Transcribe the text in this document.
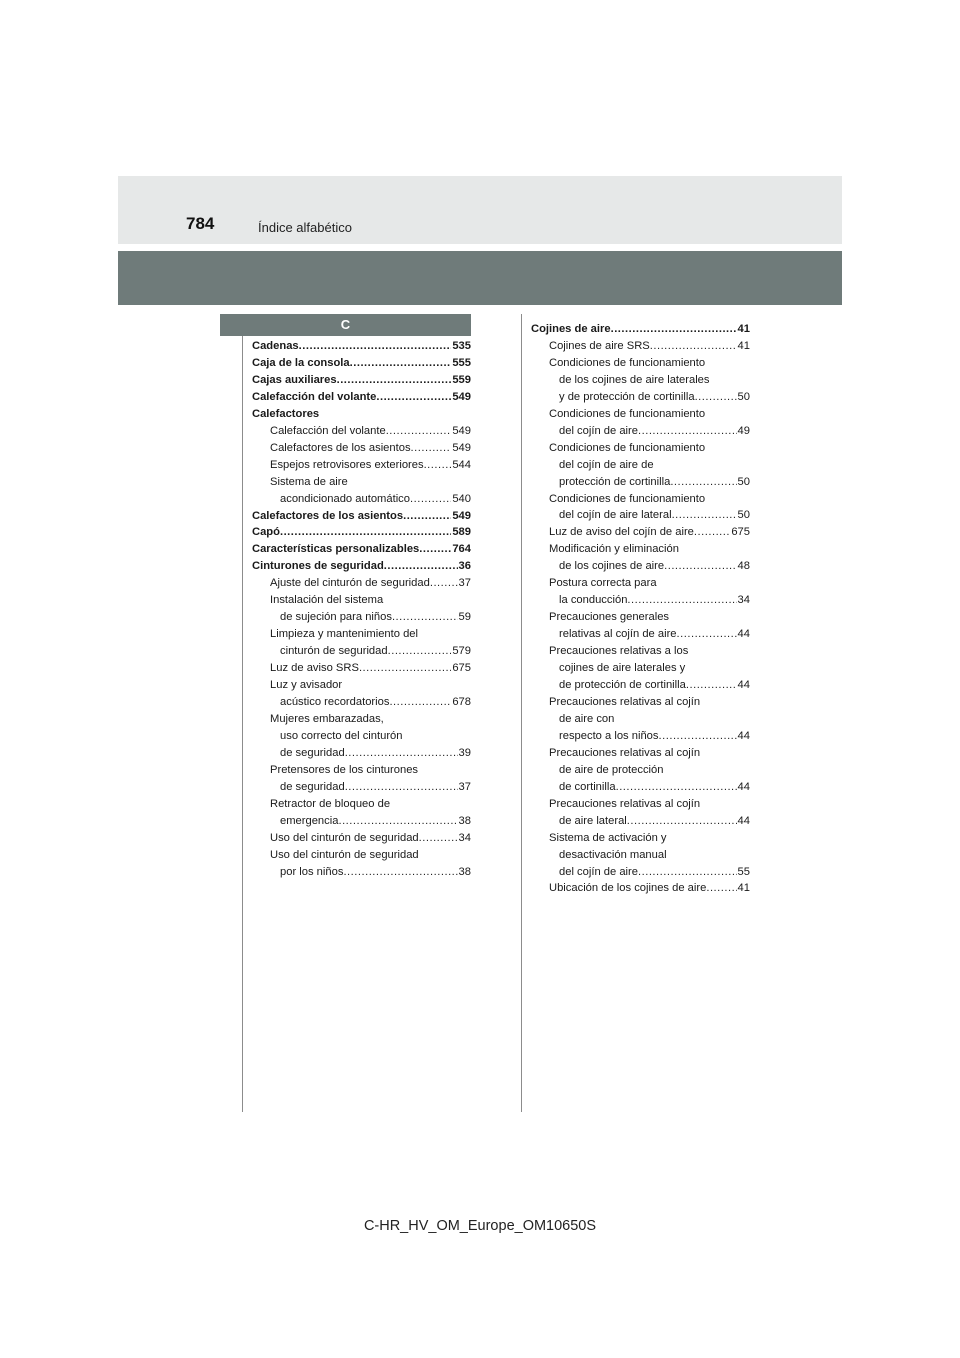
784	Índice alfabético
C
Cadenas .....	535
Caja de la consola .....	555
Cajas auxiliares .....	559
Calefacción del volante .....	549
Calefactores
Calefacción del volante .....	549
Calefactores de los asientos .....	549
Espejos retrovisores exteriores .....	544
Sistema de aire
acondicionado automático .....	540
Calefactores de los asientos .....	549
Capó .....	589
Características personalizables .....	764
Cinturones de seguridad .....	36
Ajuste del cinturón de seguridad .....	37
Instalación del sistema
de sujeción para niños .....	59
Limpieza y mantenimiento del
cinturón de seguridad .....	579
Luz de aviso SRS .....	675
Luz y avisador
acústico recordatorios .....	678
Mujeres embarazadas,
uso correcto del cinturón
de seguridad .....	39
Pretensores de los cinturones
de seguridad .....	37
Retractor de bloqueo de
emergencia .....	38
Uso del cinturón de seguridad .....	34
Uso del cinturón de seguridad
por los niños .....	38
Cojines de aire .....	41
Cojines de aire SRS .....	41
Condiciones de funcionamiento
de los cojines de aire laterales
y de protección de cortinilla .....	50
Condiciones de funcionamiento
del cojín de aire .....	49
Condiciones de funcionamiento
del cojín de aire de
protección de cortinilla .....	50
Condiciones de funcionamiento
del cojín de aire lateral .....	50
Luz de aviso del cojín de aire .....	675
Modificación y eliminación
de los cojines de aire .....	48
Postura correcta para
la conducción .....	34
Precauciones generales
relativas al cojín de aire .....	44
Precauciones relativas a los
cojines de aire laterales y
de protección de cortinilla .....	44
Precauciones relativas al cojín
de aire con
respecto a los niños .....	44
Precauciones relativas al cojín
de aire de protección
de cortinilla .....	44
Precauciones relativas al cojín
de aire lateral .....	44
Sistema de activación y
desactivación manual
del cojín de aire .....	55
Ubicación de los cojines de aire .....	41
C-HR_HV_OM_Europe_OM10650S
